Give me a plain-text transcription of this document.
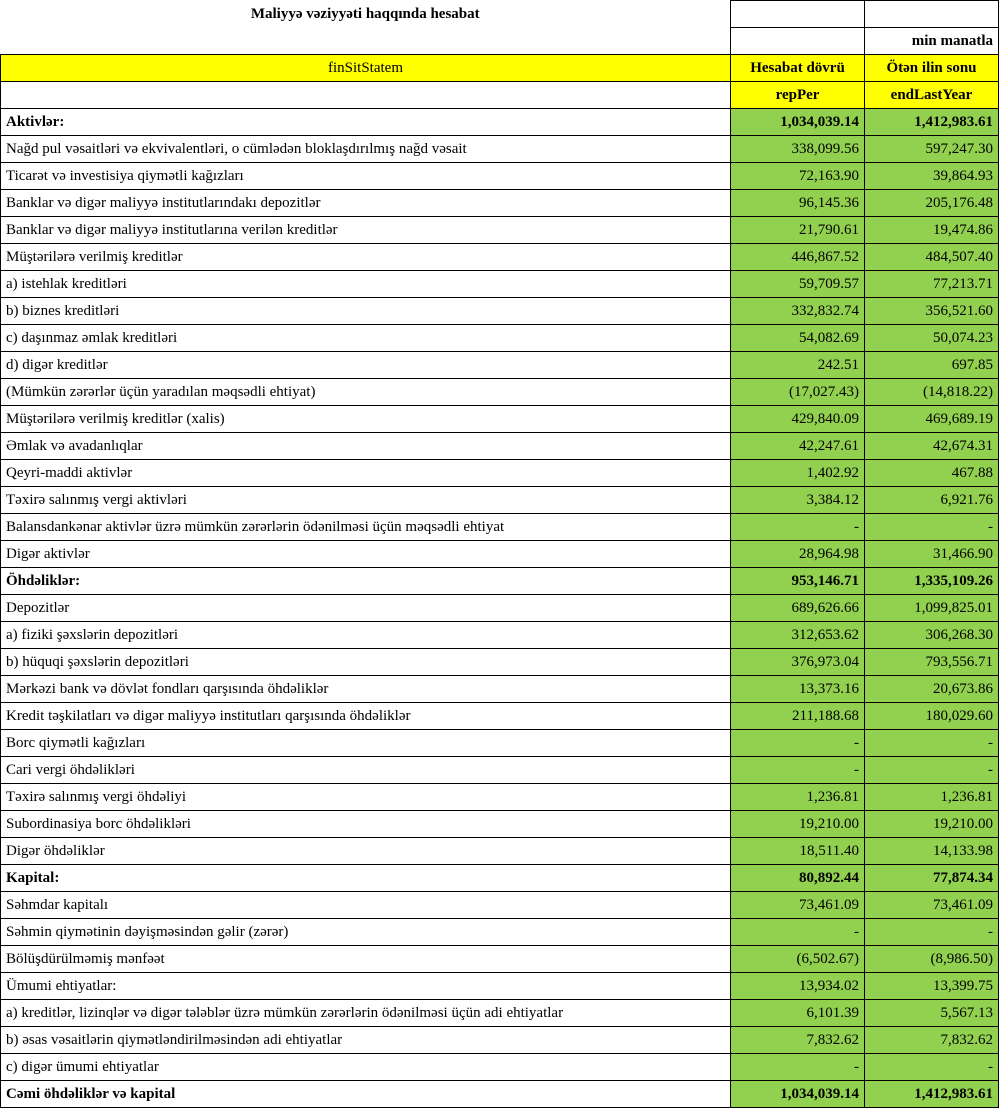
Maliyyə vəziyyəti haqqında hesabat		
		min manatla
finSitStatem	Hesabat dövrü	Ötən ilin sonu
	repPer	endLastYear
Aktivlər:	1,034,039.14	1,412,983.61
Nağd pul vəsaitləri və ekvivalentləri, o cümlədən bloklaşdırılmış nağd vəsait	338,099.56	597,247.30
Ticarət və investisiya qiymətli kağızları	72,163.90	39,864.93
Banklar və digər maliyyə institutlarındakı depozitlər	96,145.36	205,176.48
Banklar və digər maliyyə institutlarına verilən kreditlər	21,790.61	19,474.86
Müştərilərə verilmiş kreditlər	446,867.52	484,507.40
a) istehlak kreditləri	59,709.57	77,213.71
b) biznes kreditləri	332,832.74	356,521.60
c) daşınmaz əmlak kreditləri	54,082.69	50,074.23
d) digər kreditlər	242.51	697.85
(Mümkün zərərlər üçün yaradılan məqsədli ehtiyat)	(17,027.43)	(14,818.22)
Müştərilərə verilmiş kreditlər (xalis)	429,840.09	469,689.19
Əmlak və avadanlıqlar	42,247.61	42,674.31
Qeyri-maddi aktivlər	1,402.92	467.88
Təxirə salınmış vergi aktivləri	3,384.12	6,921.76
Balansdankənar aktivlər üzrə mümkün zərərlərin ödənilməsi üçün məqsədli ehtiyat	-	-
Digər aktivlər	28,964.98	31,466.90
Öhdəliklər:	953,146.71	1,335,109.26
Depozitlər	689,626.66	1,099,825.01
a) fiziki şəxslərin depozitləri	312,653.62	306,268.30
b) hüquqi şəxslərin depozitləri	376,973.04	793,556.71
Mərkəzi bank və dövlət fondları qarşısında öhdəliklər	13,373.16	20,673.86
Kredit təşkilatları və digər maliyyə institutları qarşısında öhdəliklər	211,188.68	180,029.60
Borc qiymətli kağızları	-	-
Cari vergi öhdəlikləri	-	-
Təxirə salınmış vergi öhdəliyi	1,236.81	1,236.81
Subordinasiya borc öhdəlikləri	19,210.00	19,210.00
Digər öhdəliklər	18,511.40	14,133.98
Kapital:	80,892.44	77,874.34
Səhmdar kapitalı	73,461.09	73,461.09
Səhmin qiymətinin dəyişməsindən gəlir (zərər)	-	-
Bölüşdürülməmiş mənfəət	(6,502.67)	(8,986.50)
Ümumi ehtiyatlar:	13,934.02	13,399.75
a) kreditlər, lizinqlər və digər tələblər üzrə mümkün zərərlərin ödənilməsi üçün adi ehtiyatlar	6,101.39	5,567.13
b) əsas vəsaitlərin qiymətləndirilməsindən adi ehtiyatlar	7,832.62	7,832.62
c) digər ümumi ehtiyatlar	-	-
Cəmi öhdəliklər və kapital	1,034,039.14	1,412,983.61
